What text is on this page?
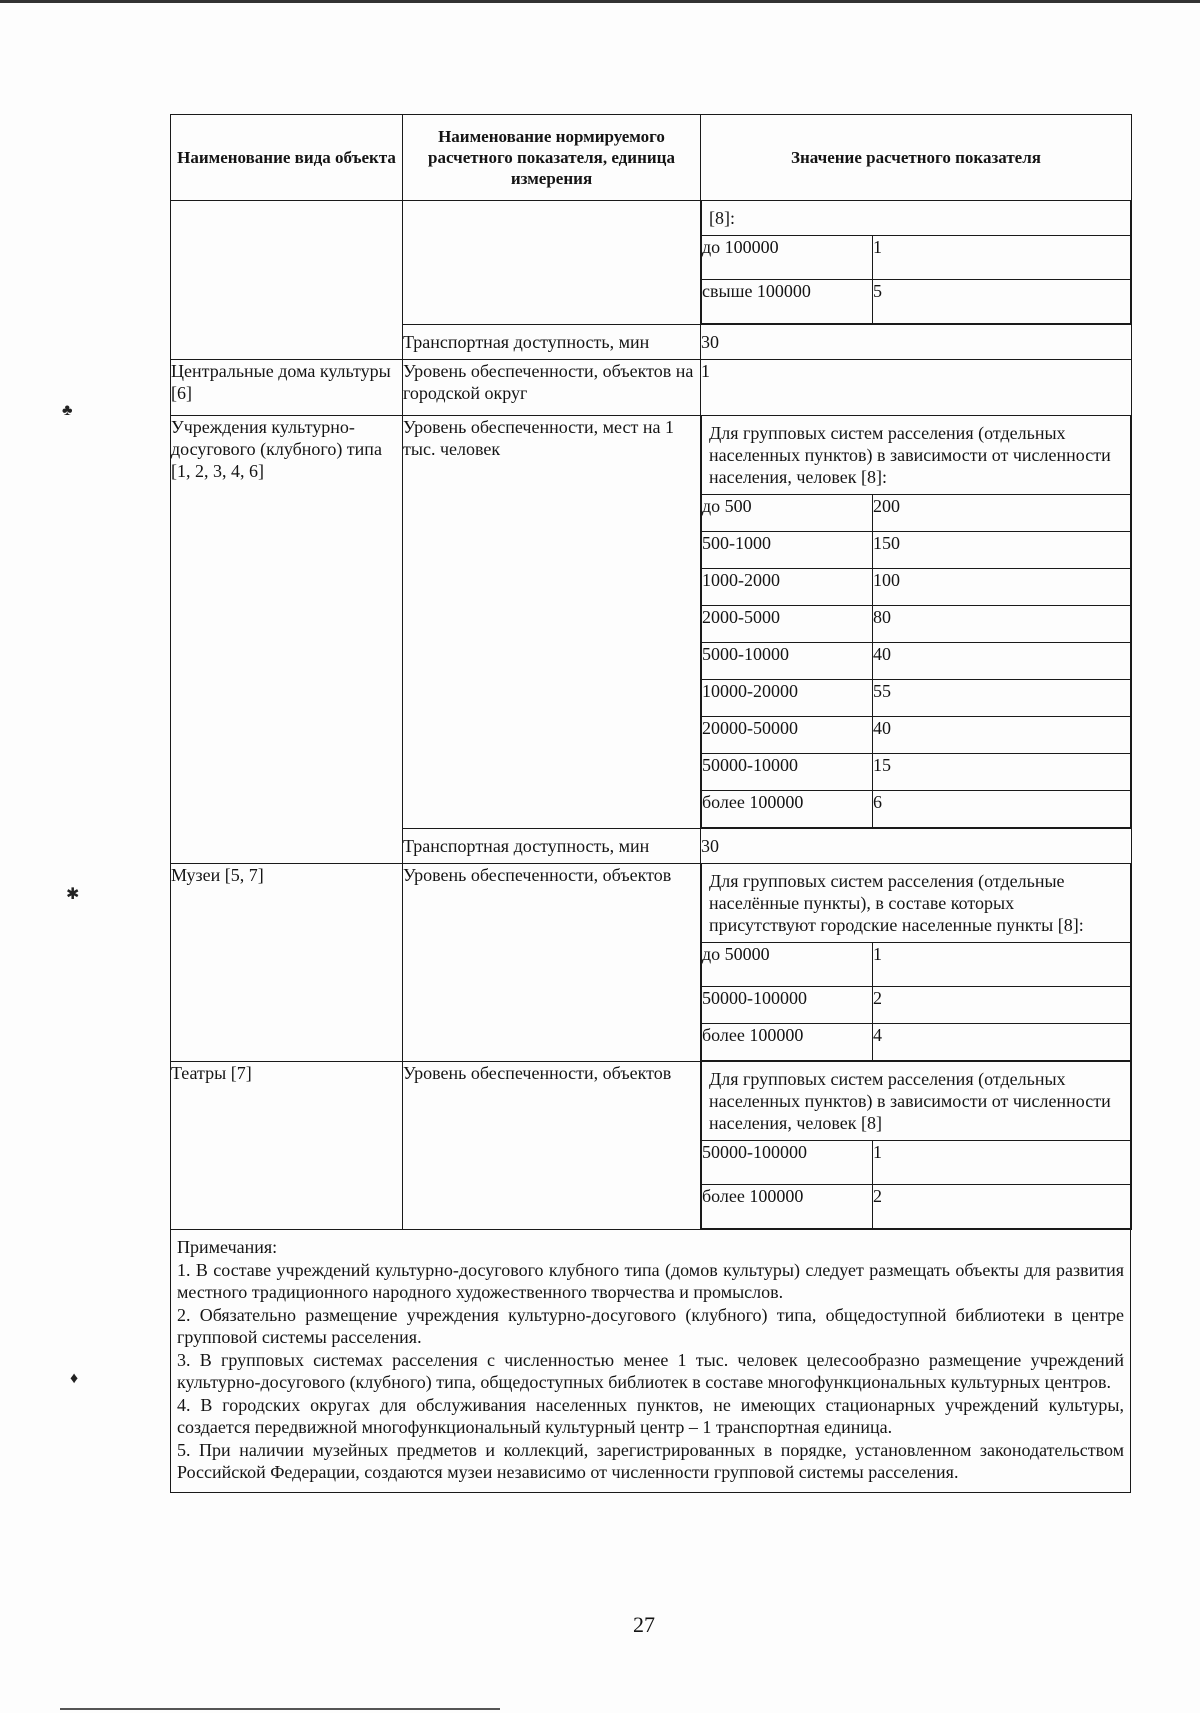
♣
✱
♦
Наименование вида объекта	Наименование нормируемого расчетного показателя, единица измерения	Значение расчетного показателя

[8]:
до 100000	1
свыше 100000	5

Транспортная доступность, мин	30
Центральные дома культуры [6]	Уровень обеспеченности, объектов на городской округ	1
Учреждения культурно-досугового (клубного) типа [1, 2, 3, 4, 6]	Уровень обеспеченности, мест на 1 тыс. человек	
Для групповых систем расселения (отдельных населенных пунктов) в зависимости от численности населения, человек [8]:
до 500	200
500-1000	150
1000-2000	100
2000-5000	80
5000-10000	40
10000-20000	55
20000-50000	40
50000-10000	15
более 100000	6

Транспортная доступность, мин	30
Музеи [5, 7]	Уровень обеспеченности, объектов	Для групповых систем расселения (отдельные населённые пункты), в составе которых присутствуют городские населенные пункты [8]:
до 50000	1
50000-100000	2
более 100000	4

Театры [7]	Уровень обеспеченности, объектов	Для групповых систем расселения (отдельных населенных пунктов) в зависимости от численности населения, человек [8]
50000-100000	1
более 100000	2

Примечания:

1. В составе учреждений культурно-досугового клубного типа (домов культуры) следует размещать объекты для развития местного традиционного народного художественного творчества и промыслов.

2. Обязательно размещение учреждения культурно-досугового (клубного) типа, общедоступной библиотеки в центре групповой системы расселения.

3. В групповых системах расселения с численностью менее 1 тыс. человек целесообразно размещение учреждений культурно-досугового (клубного) типа, общедоступных библиотек в составе многофункциональных культурных центров.

4. В городских округах для обслуживания населенных пунктов, не имеющих стационарных учреждений культуры, создается передвижной многофункциональный культурный центр – 1 транспортная единица.

5. При наличии музейных предметов и коллекций, зарегистрированных в порядке, установленном законодательством Российской Федерации, создаются музеи независимо от численности групповой системы расселения.

27
